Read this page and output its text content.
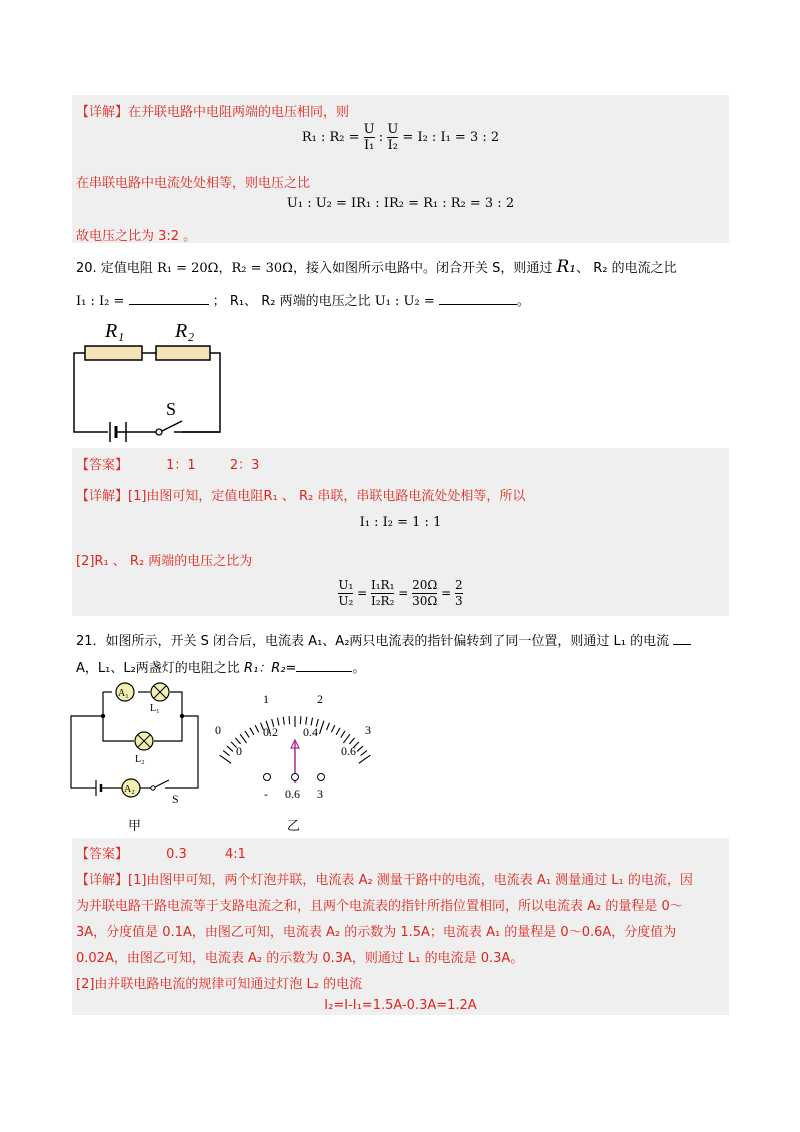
【详解】在并联电路中电阻两端的电压相同，则
R₁ : $R_2 = \frac{U}{\text{I₁}}$ : $\frac{U}{\text{I₂}} = I_2$ : I₁ = 3 : 2
在串联电路中电流处处相等，则电压之比
U₁ : U₂ = IR₁ : IR₂ = R₁ : R₂ = 3 : 2
故电压之比为 3:2 。
20. 定值电阻 R₁ = 20Ω，R₂ = 30Ω，接入如图所示电路中。闭合开关 S，则通过 R₁、 R₂ 的电流之比
I₁ : I₂ =	； R₁、 R₂ 两端的电压之比 U₁ : U₂ =	。
R₁	R₂
S
【答案】	1：1	2：3
【详解】[1]由图可知，定值电阻R₁ 、 R₂ 串联，串联电路电流处处相等，所以
I₁ : I₂ = 1 : 1
[2]R₁ 、 R₂ 两端的电压之比为
$\frac{\text{U₁}}{\text{U₂}} = \frac{\text{I₁R₁}}{\text{I₂R₂}} = \frac{20\Omega}{30\Omega} = \frac{2}{3}$
21．如图所示，开关 S 闭合后，电流表 A₁、A₂两只电流表的指针偏转到了同一位置，则通过 L₁ 的电流
A，L₁、L₂两盏灯的电阻之比 R₁：R₂=	。
A₁
L₁
L₂
A₂
S
甲
1	2
0	3
0.2 0.4
0	0.6
- 0.6 3
乙
【答案】	0.3	4:1
【详解】[1]由图甲可知，两个灯泡并联，电流表 A₂ 测量干路中的电流，电流表 A₁ 测量通过 L₁ 的电流，因
为并联电路干路电流等于支路电流之和，且两个电流表的指针所指位置相同，所以电流表 A₂ 的量程是 0～
3A，分度值是 0.1A，由图乙可知，电流表 A₂ 的示数为 1.5A；电流表 A₁ 的量程是 0～0.6A，分度值为
0.02A，由图乙可知，电流表 A₂ 的示数为 0.3A，则通过 L₁ 的电流是 0.3A。
[2]由并联电路电流的规律可知通过灯泡 L₂ 的电流
I₂=I-I₁=1.5A-0.3A=1.2A
